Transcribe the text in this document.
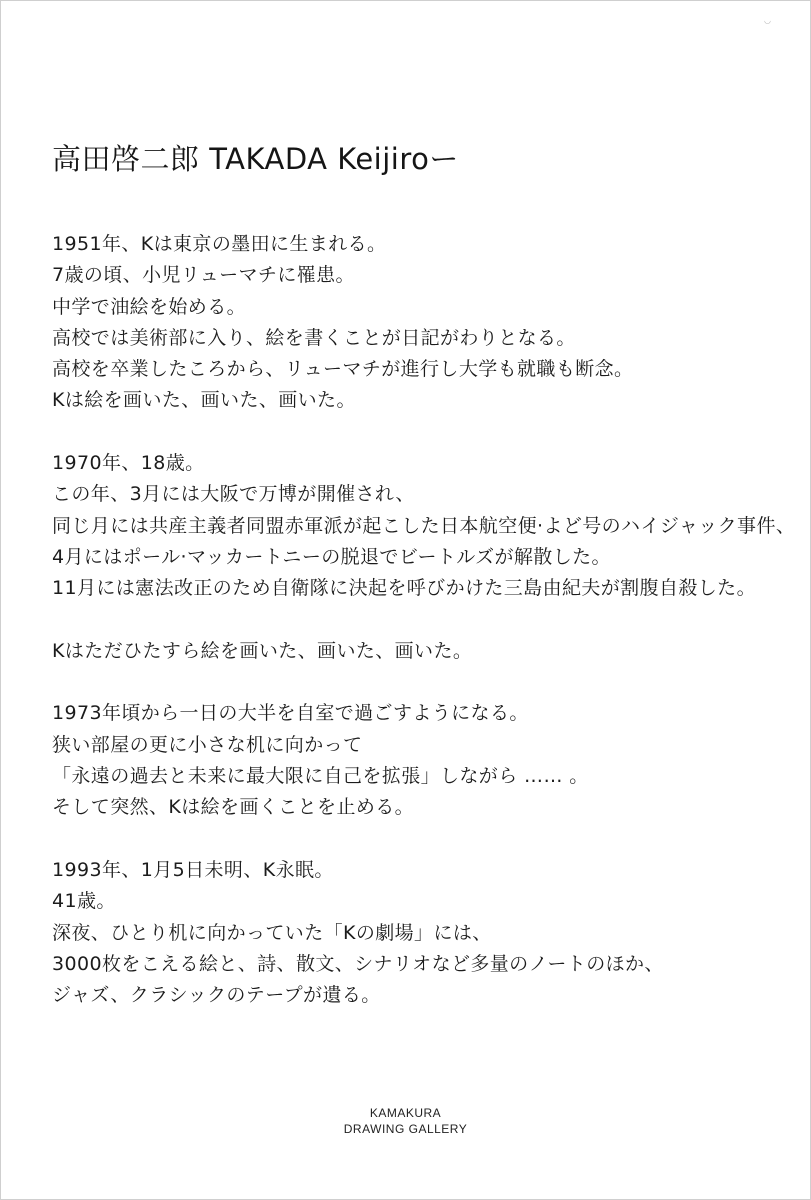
◡
高田啓二郎 TAKADA Keijiroー
1951年、Kは東京の墨田に生まれる。
7歳の頃、小児リューマチに罹患。
中学で油絵を始める。
高校では美術部に入り、絵を書くことが日記がわりとなる。
高校を卒業したころから、リューマチが進行し大学も就職も断念。
Kは絵を画いた、画いた、画いた。
1970年、18歳。
この年、3月には大阪で万博が開催され、
同じ月には共産主義者同盟赤軍派が起こした日本航空便·よど号のハイジャック事件、
4月にはポール·マッカートニーの脱退でビートルズが解散した。
11月には憲法改正のため自衛隊に決起を呼びかけた三島由紀夫が割腹自殺した。
Kはただひたすら絵を画いた、画いた、画いた。
1973年頃から一日の大半を自室で過ごすようになる。
狭い部屋の更に小さな机に向かって
「永遠の過去と未来に最大限に自己を拡張」しながら …… 。
そして突然、Kは絵を画くことを止める。
1993年、1月5日未明、K永眠。
41歳。
深夜、ひとり机に向かっていた「Kの劇場」には、
3000枚をこえる絵と、詩、散文、シナリオなど多量のノートのほか、
ジャズ、クラシックのテープが遺る。
KAMAKURA
DRAWING GALLERY
